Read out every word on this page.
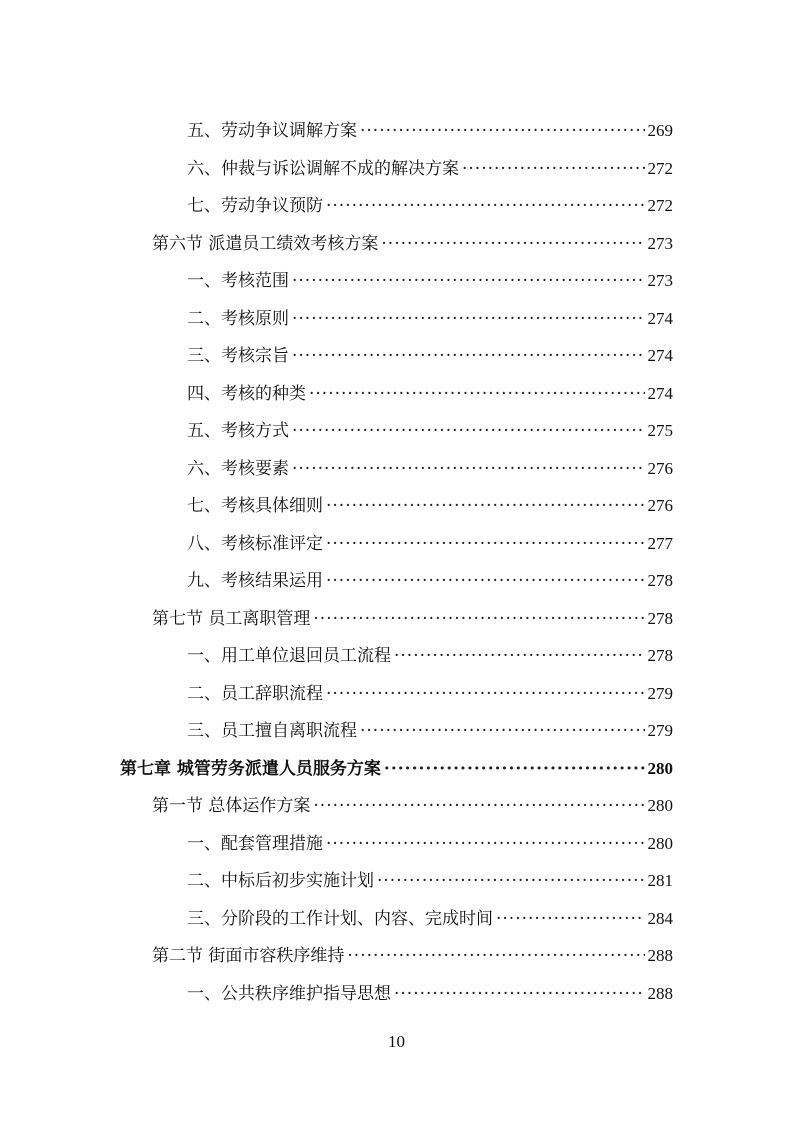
五、劳动争议调解方案 ·····	269
六、仲裁与诉讼调解不成的解决方案 ·····	272
七、劳动争议预防 ·····	272
第六节 派遣员工绩效考核方案 ·····	273
一、考核范围 ·····	273
二、考核原则 ·····	274
三、考核宗旨 ·····	274
四、考核的种类 ·····	274
五、考核方式 ·····	275
六、考核要素 ·····	276
七、考核具体细则 ·····	276
八、考核标准评定 ·····	277
九、考核结果运用 ·····	278
第七节 员工离职管理 ·····	278
一、用工单位退回员工流程 ·····	278
二、员工辞职流程 ·····	279
三、员工擅自离职流程 ·····	279
第七章 城管劳务派遣人员服务方案 ·····	280
第一节 总体运作方案 ·····	280
一、配套管理措施 ·····	280
二、中标后初步实施计划 ·····	281
三、分阶段的工作计划、内容、完成时间 ·····	284
第二节 街面市容秩序维持 ·····	288
一、公共秩序维护指导思想 ·····	288
10
